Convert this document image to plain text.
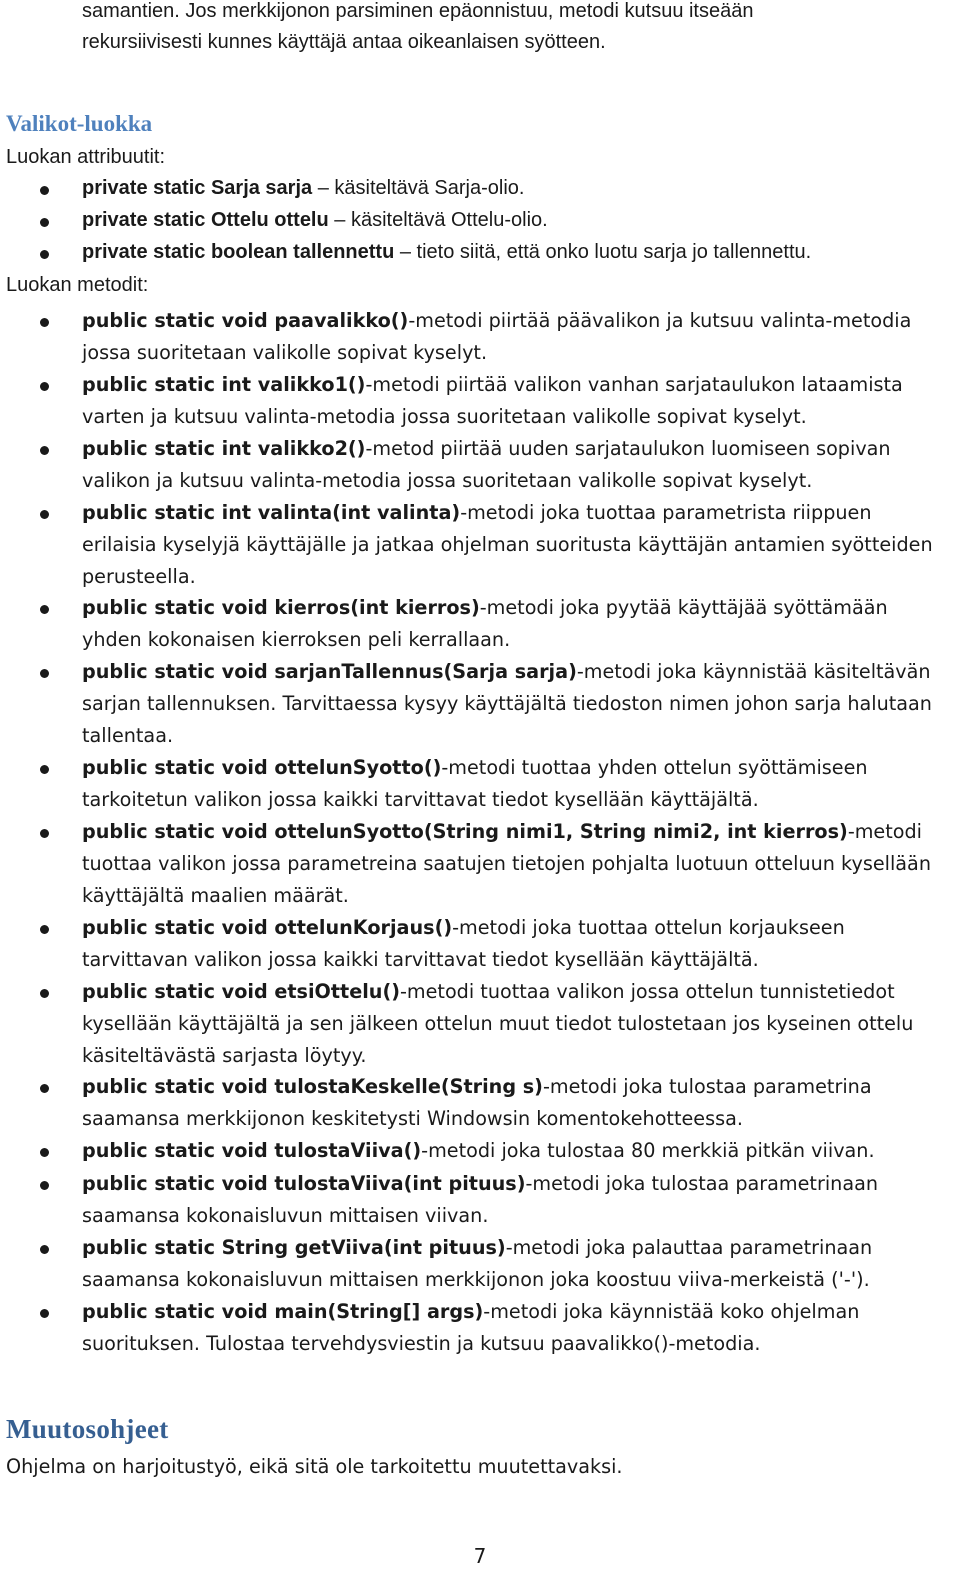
samantien. Jos merkkijonon parsiminen epäonnistuu, metodi kutsuu itseään
rekursiivisesti kunnes käyttäjä antaa oikeanlaisen syötteen.
Valikot-luokka
Luokan attribuutit:
private static Sarja sarja – käsiteltävä Sarja-olio.
private static Ottelu ottelu – käsiteltävä Ottelu-olio.
private static boolean tallennettu – tieto siitä, että onko luotu sarja jo tallennettu.
Luokan metodit:
public static void paavalikko()-metodi piirtää päävalikon ja kutsuu valinta-metodia jossa suoritetaan valikolle sopivat kyselyt.
public static int valikko1()-metodi piirtää valikon vanhan sarjataulukon lataamista varten ja kutsuu valinta-metodia jossa suoritetaan valikolle sopivat kyselyt.
public static int valikko2()-metod piirtää uuden sarjataulukon luomiseen sopivan valikon ja kutsuu valinta-metodia jossa suoritetaan valikolle sopivat kyselyt.
public static int valinta(int valinta)-metodi joka tuottaa parametrista riippuen erilaisia kyselyjä käyttäjälle ja jatkaa ohjelman suoritusta käyttäjän antamien syötteiden perusteella.
public static void kierros(int kierros)-metodi joka pyytää käyttäjää syöttämään yhden kokonaisen kierroksen peli kerrallaan.
public static void sarjanTallennus(Sarja sarja)-metodi joka käynnistää käsiteltävän sarjan tallennuksen. Tarvittaessa kysyy käyttäjältä tiedoston nimen johon sarja halutaan tallentaa.
public static void ottelunSyotto()-metodi tuottaa yhden ottelun syöttämiseen tarkoitetun valikon jossa kaikki tarvittavat tiedot kysellään käyttäjältä.
public static void ottelunSyotto(String nimi1, String nimi2, int kierros)-metodi tuottaa valikon jossa parametreina saatujen tietojen pohjalta luotuun otteluun kysellään käyttäjältä maalien määrät.
public static void ottelunKorjaus()-metodi joka tuottaa ottelun korjaukseen tarvittavan valikon jossa kaikki tarvittavat tiedot kysellään käyttäjältä.
public static void etsiOttelu()-metodi tuottaa valikon jossa ottelun tunnistetiedot kysellään käyttäjältä ja sen jälkeen ottelun muut tiedot tulostetaan jos kyseinen ottelu käsiteltävästä sarjasta löytyy.
public static void tulostaKeskelle(String s)-metodi joka tulostaa parametrina saamansa merkkijonon keskitetysti Windowsin komentokehotteessa.
public static void tulostaViiva()-metodi joka tulostaa 80 merkkiä pitkän viivan.
public static void tulostaViiva(int pituus)-metodi joka tulostaa parametrinaan saamansa kokonaisluvun mittaisen viivan.
public static String getViiva(int pituus)-metodi joka palauttaa parametrinaan saamansa kokonaisluvun mittaisen merkkijonon joka koostuu viiva-merkeistä ('-').
public static void main(String[] args)-metodi joka käynnistää koko ohjelman suorituksen. Tulostaa tervehdysviestin ja kutsuu paavalikko()-metodia.
Muutosohjeet
Ohjelma on harjoitustyö, eikä sitä ole tarkoitettu muutettavaksi.
7
